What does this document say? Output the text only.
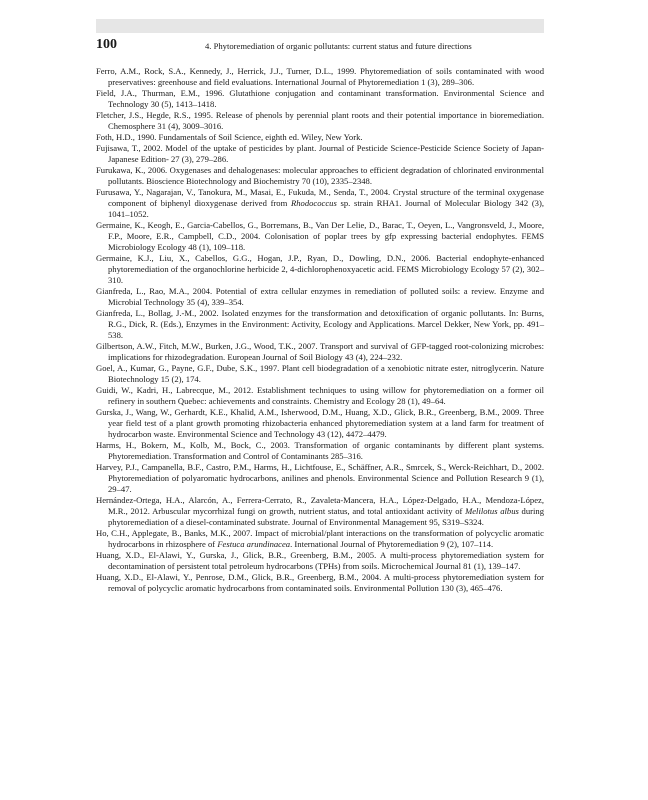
100	4. Phytoremediation of organic pollutants: current status and future directions

Ferro, A.M., Rock, S.A., Kennedy, J., Herrick, J.J., Turner, D.L., 1999. Phytoremediation of soils contaminated with wood preservatives: greenhouse and field evaluations. International Journal of Phytoremediation 1 (3), 289–306.

Field, J.A., Thurman, E.M., 1996. Glutathione conjugation and contaminant transformation. Environmental Science and Technology 30 (5), 1413–1418.

Fletcher, J.S., Hegde, R.S., 1995. Release of phenols by perennial plant roots and their potential importance in bioremediation. Chemosphere 31 (4), 3009–3016.

Foth, H.D., 1990. Fundamentals of Soil Science, eighth ed. Wiley, New York.

Fujisawa, T., 2002. Model of the uptake of pesticides by plant. Journal of Pesticide Science-Pesticide Science Society of Japan-Japanese Edition- 27 (3), 279–286.

Furukawa, K., 2006. Oxygenases and dehalogenases: molecular approaches to efficient degradation of chlorinated environmental pollutants. Bioscience Biotechnology and Biochemistry 70 (10), 2335–2348.

Furusawa, Y., Nagarajan, V., Tanokura, M., Masai, E., Fukuda, M., Senda, T., 2004. Crystal structure of the terminal oxygenase component of biphenyl dioxygenase derived from Rhodococcus sp. strain RHA1. Journal of Molecular Biology 342 (3), 1041–1052.

Germaine, K., Keogh, E., Garcia-Cabellos, G., Borremans, B., Van Der Lelie, D., Barac, T., Oeyen, L., Vangronsveld, J., Moore, F.P., Moore, E.R., Campbell, C.D., 2004. Colonisation of poplar trees by gfp expressing bacterial endophytes. FEMS Microbiology Ecology 48 (1), 109–118.

Germaine, K.J., Liu, X., Cabellos, G.G., Hogan, J.P., Ryan, D., Dowling, D.N., 2006. Bacterial endophyte-enhanced phytoremediation of the organochlorine herbicide 2, 4-dichlorophenoxyacetic acid. FEMS Microbiology Ecology 57 (2), 302–310.

Gianfreda, L., Rao, M.A., 2004. Potential of extra cellular enzymes in remediation of polluted soils: a review. Enzyme and Microbial Technology 35 (4), 339–354.

Gianfreda, L., Bollag, J.-M., 2002. Isolated enzymes for the transformation and detoxification of organic pollutants. In: Burns, R.G., Dick, R. (Eds.), Enzymes in the Environment: Activity, Ecology and Applications. Marcel Dekker, New York, pp. 491–538.

Gilbertson, A.W., Fitch, M.W., Burken, J.G., Wood, T.K., 2007. Transport and survival of GFP-tagged root-colonizing microbes: implications for rhizodegradation. European Journal of Soil Biology 43 (4), 224–232.

Goel, A., Kumar, G., Payne, G.F., Dube, S.K., 1997. Plant cell biodegradation of a xenobiotic nitrate ester, nitroglycerin. Nature Biotechnology 15 (2), 174.

Guidi, W., Kadri, H., Labrecque, M., 2012. Establishment techniques to using willow for phytoremediation on a former oil refinery in southern Quebec: achievements and constraints. Chemistry and Ecology 28 (1), 49–64.

Gurska, J., Wang, W., Gerhardt, K.E., Khalid, A.M., Isherwood, D.M., Huang, X.D., Glick, B.R., Greenberg, B.M., 2009. Three year field test of a plant growth promoting rhizobacteria enhanced phytoremediation system at a land farm for treatment of hydrocarbon waste. Environmental Science and Technology 43 (12), 4472–4479.

Harms, H., Bokern, M., Kolb, M., Bock, C., 2003. Transformation of organic contaminants by different plant systems. Phytoremediation. Transformation and Control of Contaminants 285–316.

Harvey, P.J., Campanella, B.F., Castro, P.M., Harms, H., Lichtfouse, E., Schäffner, A.R., Smrcek, S., Werck-Reichhart, D., 2002. Phytoremediation of polyaromatic hydrocarbons, anilines and phenols. Environmental Science and Pollution Research 9 (1), 29–47.

Hernández-Ortega, H.A., Alarcón, A., Ferrera-Cerrato, R., Zavaleta-Mancera, H.A., López-Delgado, H.A., Mendoza-López, M.R., 2012. Arbuscular mycorrhizal fungi on growth, nutrient status, and total antioxidant activity of Melilotus albus during phytoremediation of a diesel-contaminated substrate. Journal of Environmental Management 95, S319–S324.

Ho, C.H., Applegate, B., Banks, M.K., 2007. Impact of microbial/plant interactions on the transformation of polycyclic aromatic hydrocarbons in rhizosphere of Festuca arundinacea. International Journal of Phytoremediation 9 (2), 107–114.

Huang, X.D., El-Alawi, Y., Gurska, J., Glick, B.R., Greenberg, B.M., 2005. A multi-process phytoremediation system for decontamination of persistent total petroleum hydrocarbons (TPHs) from soils. Microchemical Journal 81 (1), 139–147.

Huang, X.D., El-Alawi, Y., Penrose, D.M., Glick, B.R., Greenberg, B.M., 2004. A multi-process phytoremediation system for removal of polycyclic aromatic hydrocarbons from contaminated soils. Environmental Pollution 130 (3), 465–476.
